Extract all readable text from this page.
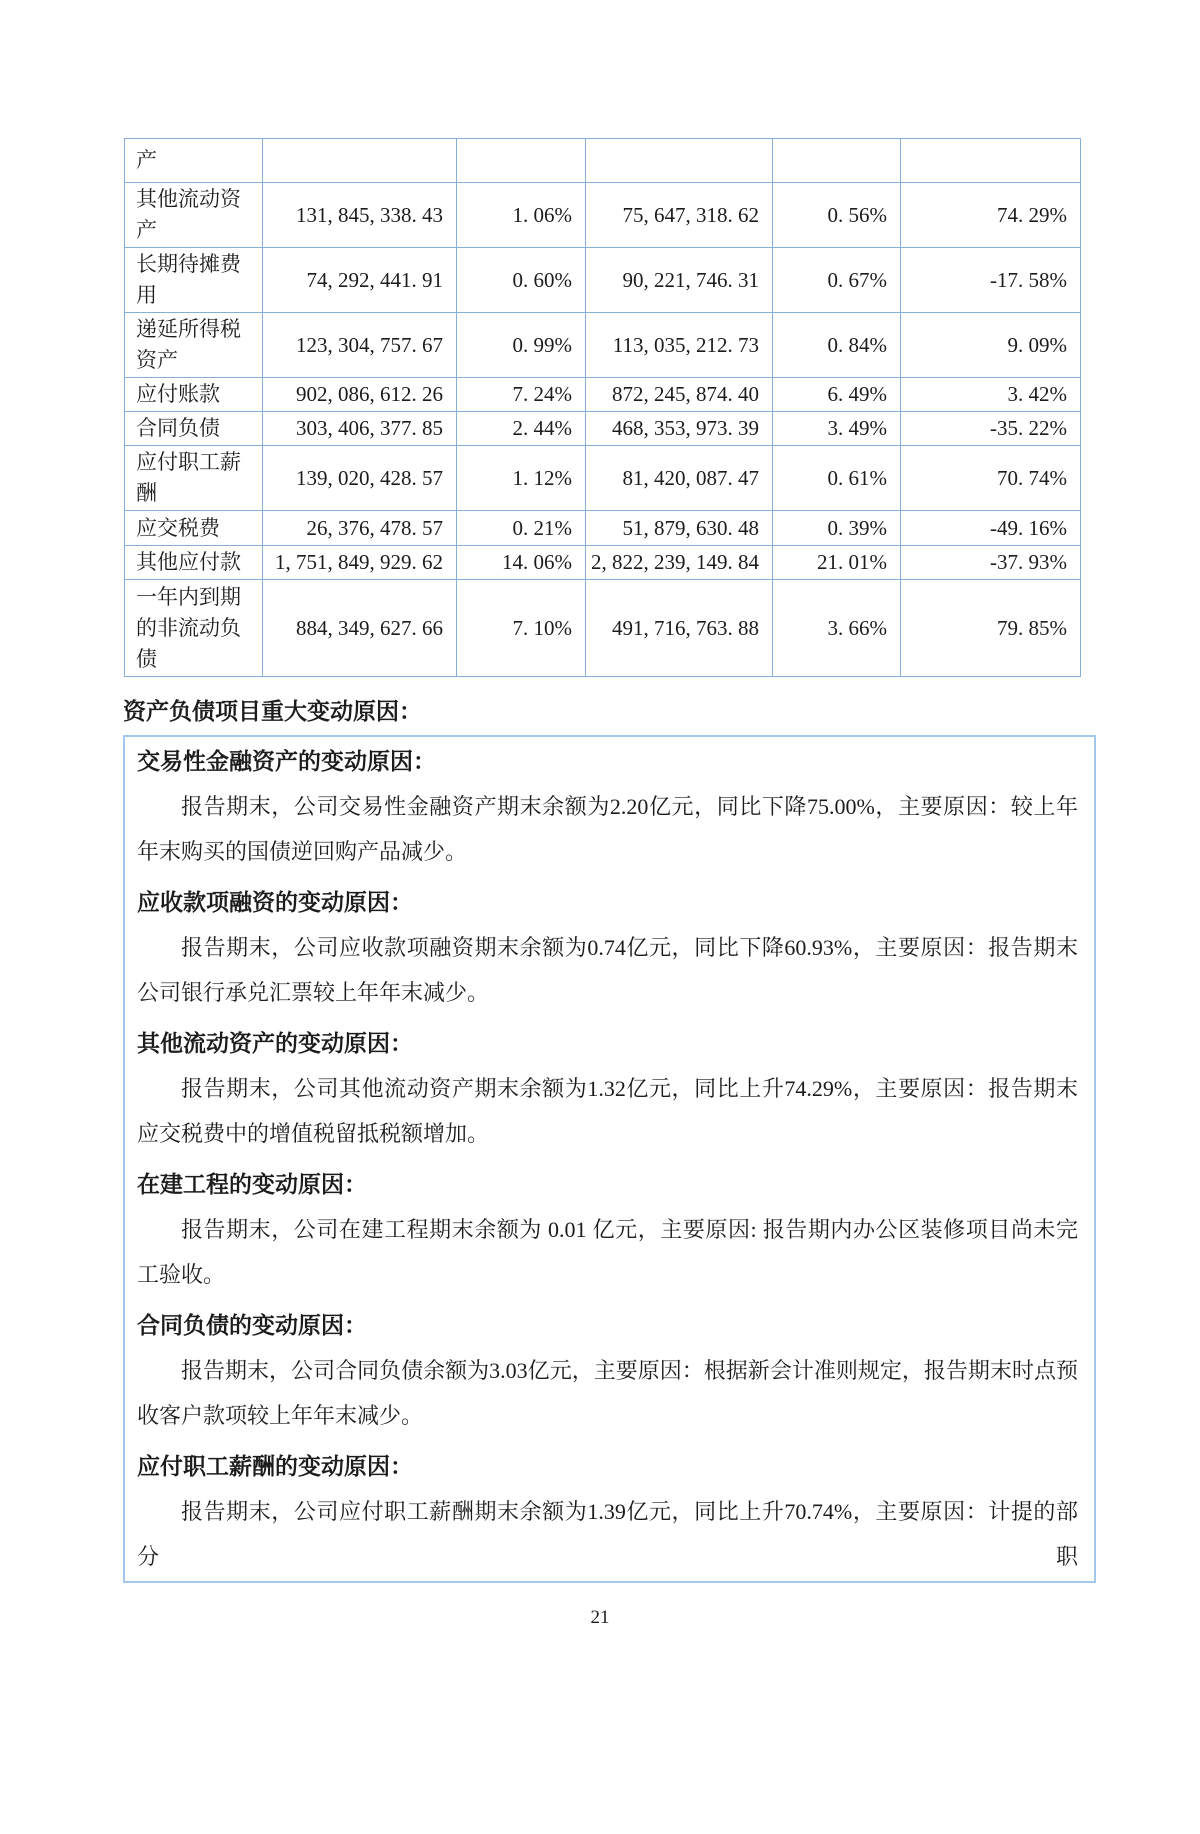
产					
其他流动资产	131, 845, 338. 43	1. 06%	75, 647, 318. 62	0. 56%	74. 29%
长期待摊费用	74, 292, 441. 91	0. 60%	90, 221, 746. 31	0. 67%	-17. 58%
递延所得税资产	123, 304, 757. 67	0. 99%	113, 035, 212. 73	0. 84%	9. 09%
应付账款	902, 086, 612. 26	7. 24%	872, 245, 874. 40	6. 49%	3. 42%
合同负债	303, 406, 377. 85	2. 44%	468, 353, 973. 39	3. 49%	-35. 22%
应付职工薪酬	139, 020, 428. 57	1. 12%	81, 420, 087. 47	0. 61%	70. 74%
应交税费	26, 376, 478. 57	0. 21%	51, 879, 630. 48	0. 39%	-49. 16%
其他应付款	1, 751, 849, 929. 62	14. 06%	2, 822, 239, 149. 84	21. 01%	-37. 93%
一年内到期的非流动负债	884, 349, 627. 66	7. 10%	491, 716, 763. 88	3. 66%	79. 85%
资产负债项目重大变动原因：
交易性金融资产的变动原因：

报告期末，公司交易性金融资产期末余额为2.20亿元，同比下降75.00%，主要原因：较上年年末购买的国债逆回购产品减少。

应收款项融资的变动原因：

报告期末，公司应收款项融资期末余额为0.74亿元，同比下降60.93%，主要原因：报告期末公司银行承兑汇票较上年年末减少。

其他流动资产的变动原因：

报告期末，公司其他流动资产期末余额为1.32亿元，同比上升74.29%，主要原因：报告期末应交税费中的增值税留抵税额增加。

在建工程的变动原因：

报告期末，公司在建工程期末余额为 0.01 亿元，主要原因: 报告期内办公区装修项目尚未完工验收。

合同负债的变动原因：

报告期末，公司合同负债余额为3.03亿元，主要原因：根据新会计准则规定，报告期末时点预收客户款项较上年年末减少。

应付职工薪酬的变动原因：

报告期末，公司应付职工薪酬期末余额为1.39亿元，同比上升70.74%，主要原因：计提的部分职

21
